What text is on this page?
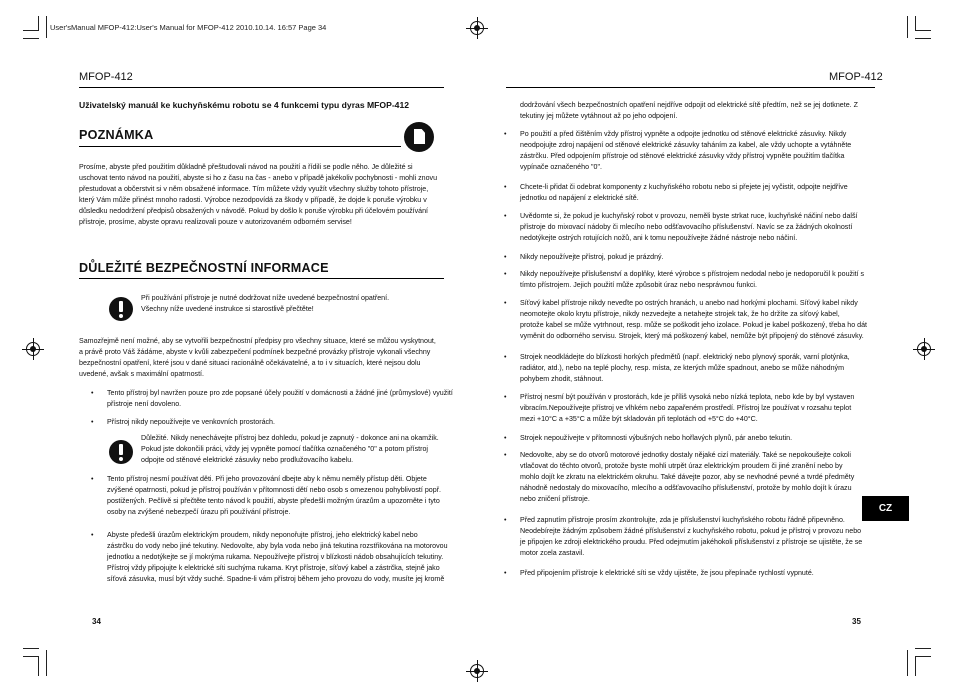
User'sManual MFOP-412:User's Manual for MFOP-412 2010.10.14. 16:57 Page 34
MFOP-412	MFOP-412
Uživatelský manuál ke kuchyňskému robotu se 4 funkcemi typu dyras MFOP-412
POZNÁMKA
Prosíme, abyste před použitím důkladně přeštudovali návod na použití a řídili se podle něho. Je důležité si
uschovat tento návod na použití, abyste si ho z času na čas - anebo v případě jakékoliv pochybnosti - mohli znovu
přestudovat a občerstvit si v něm obsažené informace. Tím můžete vždy využít všechny služby tohoto přístroje,
který Vám může přinést mnoho radosti. Výrobce nezodpovídá za škody v případě, že dojde k poruše výrobku v
důsledku nedodržení předpisů obsažených v návodě. Pokud by došlo k poruše výrobku při účelovém používání
přístroje, prosíme, abyste opravu realizovali pouze v autorizovaném odborném servise!
DŮLEŽITÉ BEZPEČNOSTNÍ INFORMACE
Při používání přístroje je nutné dodržovat níže uvedené bezpečnostní opatření.
Všechny níže uvedené instrukce si starostlivě přečtěte!
Samozřejmě není možné, aby se vytvořili bezpečnostní předpisy pro všechny situace, které se můžou vyskytnout,
a právě proto Váš žádáme, abyste v kvůli zabezpečení podmínek bezpečné provázky přístroje vykonali všechny
bezpečnostní opatření, které jsou v dané situaci racionálně očekávatelné, a to i v situacích, které nejsou dolu
uvedené, avšak s maximální opatrností.
• Tento přístroj byl navržen pouze pro zde popsané účely použití v domácnosti a žádné jiné (průmyslové) využití
přístroje není dovoleno.
• Přístroj nikdy nepoužívejte ve venkovních prostorách.
Důležité. Nikdy nenechávejte přístroj bez dohledu, pokud je zapnutý - dokonce ani na okamžik.
Pokud jste dokončili práci, vždy jej vypněte pomocí tlačítka označeného "0" a potom přístroj
odpojte od stěnové elektrické zásuvky nebo prodlužovacího kabelu.
• Tento přístroj nesmí používat děti. Při jeho provozování dbejte aby k němu neměly přístup děti. Objete
zvýšené opatrnosti, pokud je přístroj používán v přítomnosti dětí nebo osob s omezenou pohyblivostí popř.
postižených. Pečlivě si přečtěte tento návod k použití, abyste předešli možným úrazům a upozorněte i tyto
osoby na zvýšené nebezpečí úrazu při používání přístroje.
• Abyste předešli úrazům elektrickým proudem, nikdy neponořujte přístroj, jeho elektrický kabel nebo
zástrčku do vody nebo jiné tekutiny. Nedovolte, aby byla voda nebo jiná tekutina rozstřikována na motorovou
jednotku a nedotýkejte se jí mokrýma rukama. Nepoužívejte přístroj v blízkosti nádob obsahujících tekutiny.
Přístroj vždy připojujte k elektrické síti suchýma rukama. Kryt přístroje, síťový kabel a zástrčka, stejně jako
síťová zásuvka, musí být vždy suché. Spadne-li vám přístroj během jeho provozu do vody, musíte jej kromě
34
dodržování všech bezpečnostních opatření nejdříve odpojit od elektrické sítě předtím, než se jej dotknete. Z
tekutiny jej můžete vytáhnout až po jeho odpojení.
• Po použití a před čištěním vždy přístroj vypněte a odpojte jednotku od stěnové elektrické zásuvky. Nikdy
neodpojujte zdroj napájení od stěnové elektrické zásuvky taháním za kabel, ale vždy uchopte a vytáhněte
zástrčku. Před odpojením přístroje od stěnové elektrické zásuvky vždy přístroj vypněte použitím tlačítka
vypínače označeného "0".
• Chcete-li přidat či odebrat komponenty z kuchyňského robotu nebo si přejete jej vyčistit, odpojte nejdříve
jednotku od napájení z elektrické sítě.
• Uvědomte si, že pokud je kuchyňský robot v provozu, neměli byste strkat ruce, kuchyňské náčiní nebo další
přístroje do mixovací nádoby či mlecího nebo odšťavovacího příslušenství. Navíc se za žádných okolností
nedotýkejte ostrých rotujících nožů, ani k tomu nepoužívejte žádné nástroje nebo náčiní.
• Nikdy nepoužívejte přístroj, pokud je prázdný.
• Nikdy nepoužívejte příslušenství a doplňky, které výrobce s přístrojem nedodal nebo je nedoporučil k použití s
tímto přístrojem. Jejich použití může způsobit úraz nebo nesprávnou funkci.
• Síťový kabel přístroje nikdy neveďte po ostrých hranách, u anebo nad horkými plochami. Síťový kabel nikdy
neomotejte okolo krytu přístroje, nikdy nezvedejte a netahejte strojek tak, že ho držíte za síťový kabel,
protože kabel se může vytrhnout, resp. může se poškodit jeho izolace. Pokud je kabel poškozený, třeba ho dát
vyměnit do odborného servisu. Strojek, který má poškozený kabel, nemůže být připojený do stěnové zásuvky.
• Strojek neodkládejte do blízkosti horkých předmětů (např. elektrický nebo plynový sporák, varní plotýnka,
radiátor, atd.), nebo na teplé plochy, resp. místa, ze kterých může spadnout, anebo se může náhodným
pohybem zhodit, stáhnout.
• Přístroj nesmí být používán v prostorách, kde je příliš vysoká nebo nízká teplota, nebo kde by byl vystaven
vibracím.Nepoužívejte přístroj ve vlhkém nebo zapařeném prostředí. Přístroj lze používat v rozsahu teplot
mezi +10°C a +35°C a může být skladován při teplotách od +5°C do +40°C.
• Strojek nepoužívejte v přítomnosti výbušných nebo hořlavých plynů, pár anebo tekutin.
• Nedovolte, aby se do otvorů motorové jednotky dostaly nějaké cizí materiály. Také se nepokoušejte cokoli
vtlačovat do těchto otvorů, protože byste mohli utrpět úraz elektrickým proudem či jiné zranění nebo by
mohlo dojít ke zkratu na elektrickém okruhu. Také dávejte pozor, aby se nevhodné pevné a tvrdé předměty
náhodně nedostaly do mixovacího, mlecího a odšťavovacího příslušenství, protože by mohlo dojít k úrazu
nebo zničení přístroje.
• Před zapnutím přístroje prosím zkontrolujte, zda je příslušenství kuchyňského robotu řádně připevněno.
Neodebírejte žádným způsobem žádné příslušenství z kuchyňského robotu, pokud je přístroj v provozu nebo
je připojen ke zdroji elektrického proudu. Před odejmutím jakéhokoli příslušenství z přístroje se ujistěte, že se
motor zcela zastavil.
• Před připojením přístroje k elektrické síti se vždy ujistěte, že jsou přepínače rychlostí vypnuté.
CZ
35
